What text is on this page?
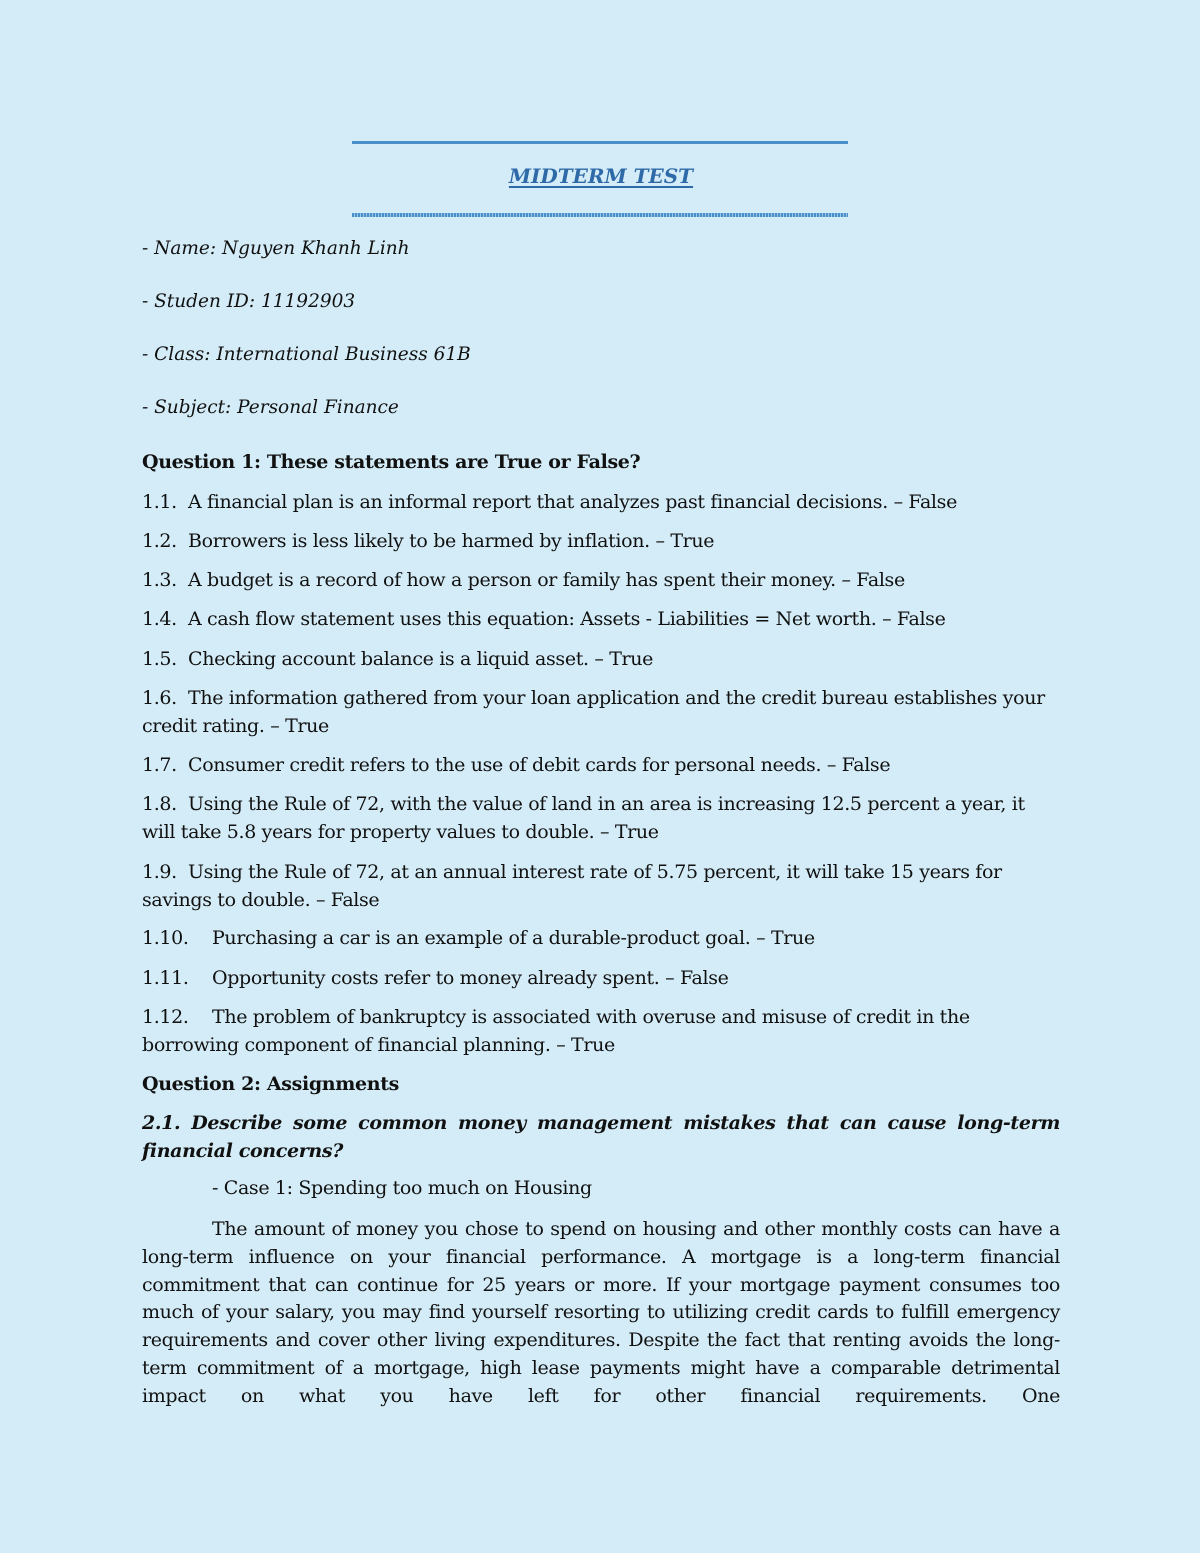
MIDTERM TEST
- Name: Nguyen Khanh Linh
- Studen ID: 11192903
- Class: International Business 61B
- Subject: Personal Finance
Question 1: These statements are True or False?
1.1. A financial plan is an informal report that analyzes past financial decisions. – False
1.2. Borrowers is less likely to be harmed by inflation. – True
1.3. A budget is a record of how a person or family has spent their money. – False
1.4. A cash flow statement uses this equation: Assets - Liabilities = Net worth. – False
1.5. Checking account balance is a liquid asset. – True
1.6. The information gathered from your loan application and the credit bureau establishes your credit rating. – True
1.7. Consumer credit refers to the use of debit cards for personal needs. – False
1.8. Using the Rule of 72, with the value of land in an area is increasing 12.5 percent a year, it will take 5.8 years for property values to double. – True
1.9. Using the Rule of 72, at an annual interest rate of 5.75 percent, it will take 15 years for savings to double. – False
1.10. Purchasing a car is an example of a durable-product goal. – True
1.11. Opportunity costs refer to money already spent. – False
1.12. The problem of bankruptcy is associated with overuse and misuse of credit in the borrowing component of financial planning. – True
Question 2: Assignments
2.1. Describe some common money management mistakes that can cause long-term financial concerns?
- Case 1: Spending too much on Housing
The amount of money you chose to spend on housing and other monthly costs can have a long-term influence on your financial performance. A mortgage is a long-term financial commitment that can continue for 25 years or more. If your mortgage payment consumes too much of your salary, you may find yourself resorting to utilizing credit cards to fulfill emergency requirements and cover other living expenditures. Despite the fact that renting avoids the long-term commitment of a mortgage, high lease payments might have a comparable detrimental impact on what you have left for other financial requirements. One
